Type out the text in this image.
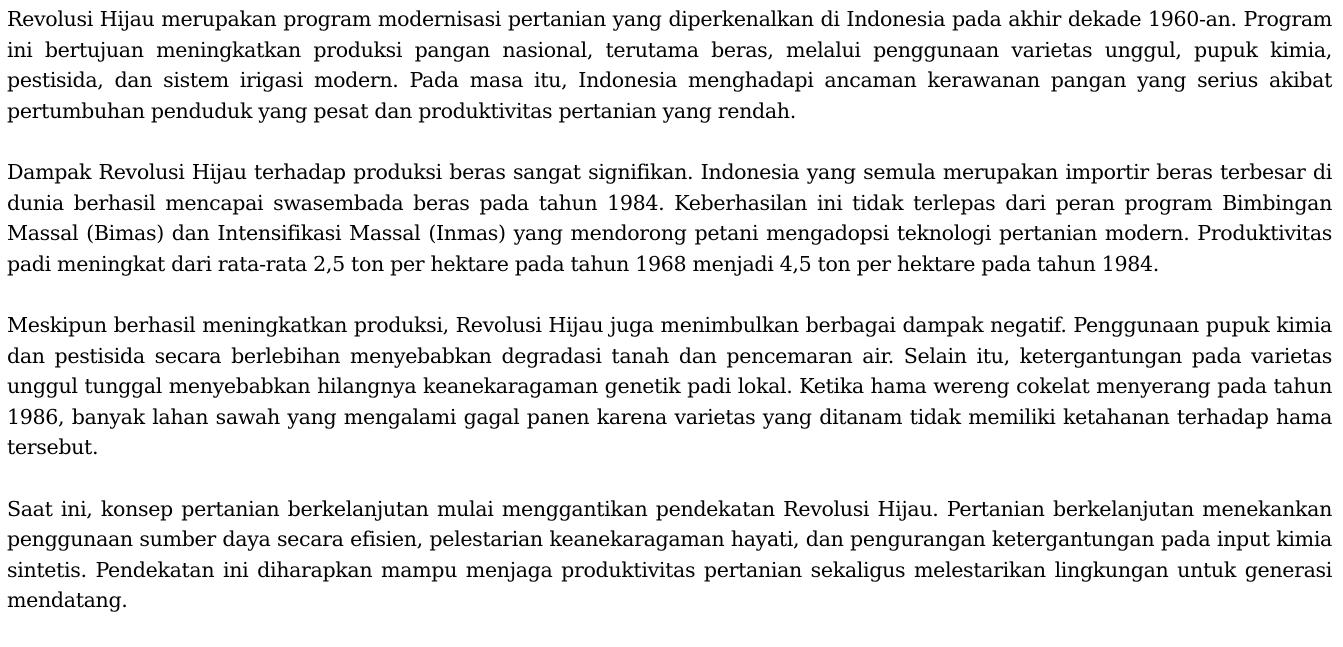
Revolusi Hijau merupakan program modernisasi pertanian yang diperkenalkan di Indonesia pada akhir dekade 1960-an. Program ini bertujuan meningkatkan produksi pangan nasional, terutama beras, melalui penggunaan varietas unggul, pupuk kimia, pestisida, dan sistem irigasi modern. Pada masa itu, Indonesia menghadapi ancaman kerawanan pangan yang serius akibat pertumbuhan penduduk yang pesat dan produktivitas pertanian yang rendah.

Dampak Revolusi Hijau terhadap produksi beras sangat signifikan. Indonesia yang semula merupakan importir beras terbesar di dunia berhasil mencapai swasembada beras pada tahun 1984. Keberhasilan ini tidak terlepas dari peran program Bimbingan Massal (Bimas) dan Intensifikasi Massal (Inmas) yang mendorong petani mengadopsi teknologi pertanian modern. Produktivitas padi meningkat dari rata-rata 2,5 ton per hektare pada tahun 1968 menjadi 4,5 ton per hektare pada tahun 1984.

Meskipun berhasil meningkatkan produksi, Revolusi Hijau juga menimbulkan berbagai dampak negatif. Penggunaan pupuk kimia dan pestisida secara berlebihan menyebabkan degradasi tanah dan pencemaran air. Selain itu, ketergantungan pada varietas unggul tunggal menyebabkan hilangnya keanekaragaman genetik padi lokal. Ketika hama wereng cokelat menyerang pada tahun 1986, banyak lahan sawah yang mengalami gagal panen karena varietas yang ditanam tidak memiliki ketahanan terhadap hama tersebut.

Saat ini, konsep pertanian berkelanjutan mulai menggantikan pendekatan Revolusi Hijau. Pertanian berkelanjutan menekankan penggunaan sumber daya secara efisien, pelestarian keanekaragaman hayati, dan pengurangan ketergantungan pada input kimia sintetis. Pendekatan ini diharapkan mampu menjaga produktivitas pertanian sekaligus melestarikan lingkungan untuk generasi mendatang.
